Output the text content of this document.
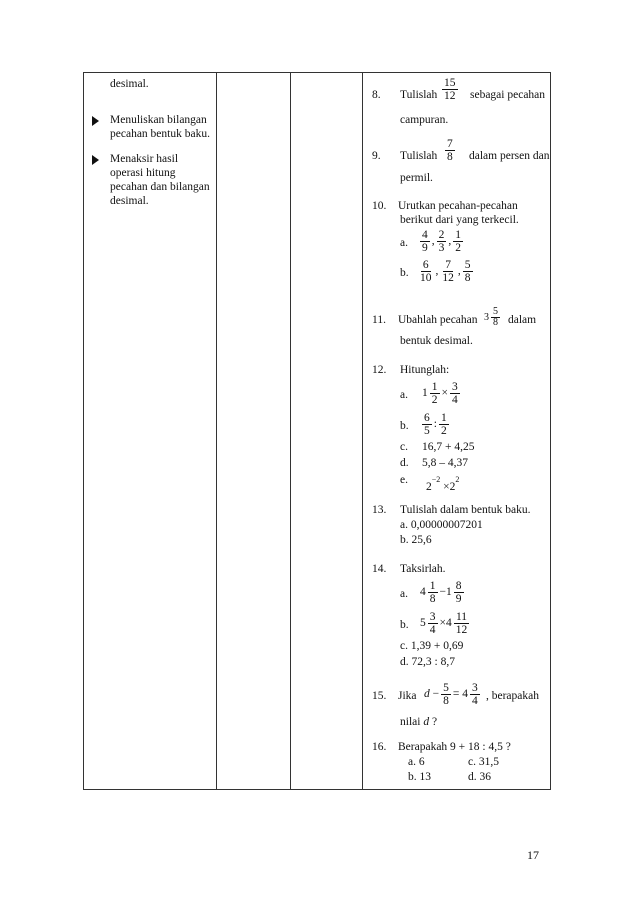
desimal.
Menuliskan bilangan
pecahan bentuk baku.
Menaksir hasil
operasi hitung
pecahan dan bilangan
desimal.
8. Tulislah $\frac{15}{12}$ sebagai pecahan
campuran.
9. Tulislah $\frac{7}{8}$ dalam persen dan
permil.
10. Urutkan pecahan-pecahan
berikut dari yang terkecil.
a. $\frac{4}{9}$ , $\frac{2}{3}$ , $\frac{1}{2}$
b. $\frac{6}{10}$ , $\frac{7}{12}$ , $\frac{5}{8}$
11. Ubahlah pecahan $3 \frac{5}{8}$ dalam
bentuk desimal.
12. Hitunglah:
a. $1 \frac{1}{2} \times \frac{3}{4}$
b. $\frac{6}{5}$ : $\frac{1}{2}$
c. 16,7 + 4,25
d. 5,8 – 4,37
e.
$2^{-2} \times 2^2$
13. Tulislah dalam bentuk baku.
a. 0,00000007201
b. 25,6
14. Taksirlah.
a. $4 \frac{1}{8} -1 \frac{8}{9}$
b. $5 \frac{3}{4} \times 4 \frac{11}{12}$
c. 1,39 + 0,69
d. 72,3 : 8,7
15. Jika $d - \frac{5}{8} = 4 \frac{3}{4}$ , berapakah
nilai d ?
16. Berapakah 9 + 18 : 4,5 ?
a. 6	c. 31,5
b. 13	d. 36
17
